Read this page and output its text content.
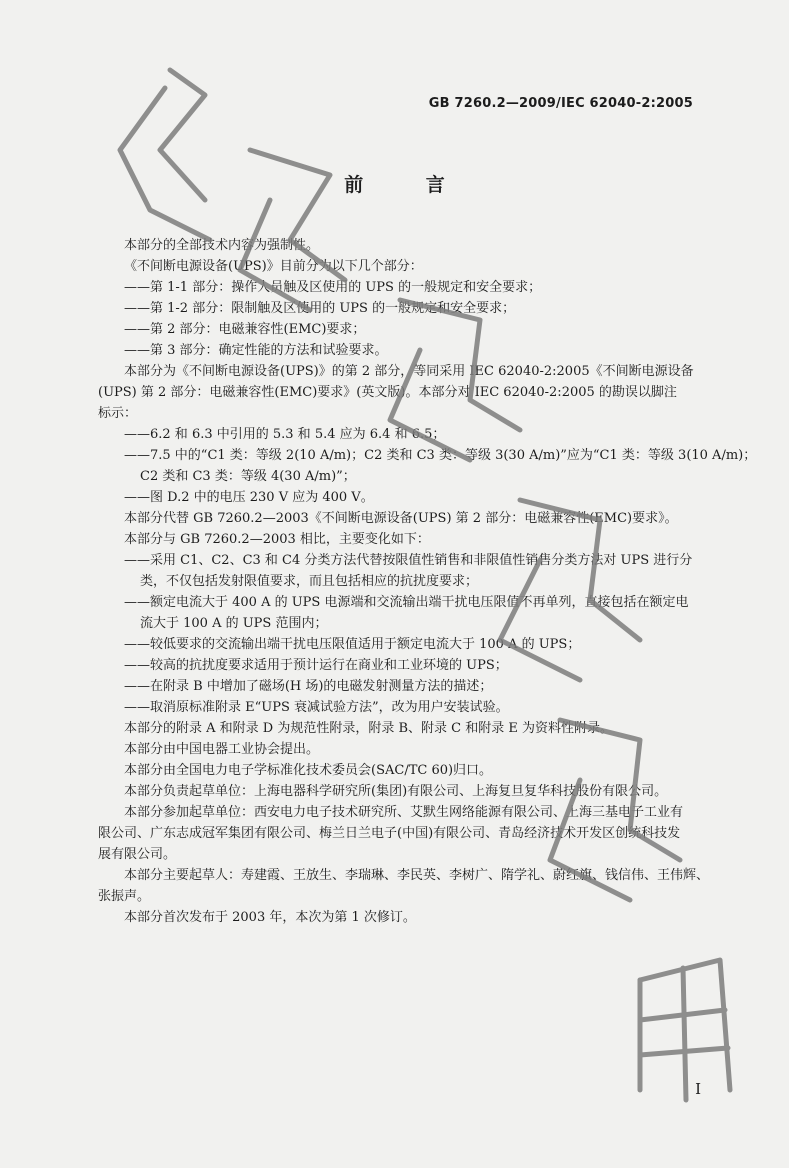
GB 7260.2—2009/IEC 62040-2:2005
前 言
本部分的全部技术内容为强制性。
《不间断电源设备(UPS)》目前分为以下几个部分：
——第 1-1 部分：操作人员触及区使用的 UPS 的一般规定和安全要求；
——第 1-2 部分：限制触及区使用的 UPS 的一般规定和安全要求；
——第 2 部分：电磁兼容性(EMC)要求；
——第 3 部分：确定性能的方法和试验要求。
本部分为《不间断电源设备(UPS)》的第 2 部分，等同采用 IEC 62040-2:2005《不间断电源设备
(UPS) 第 2 部分：电磁兼容性(EMC)要求》(英文版)。本部分对 IEC 62040-2:2005 的勘误以脚注
标示：
——6.2 和 6.3 中引用的 5.3 和 5.4 应为 6.4 和 6.5；
——7.5 中的“C1 类：等级 2(10 A/m)；C2 类和 C3 类：等级 3(30 A/m)”应为“C1 类：等级 3(10 A/m)；
C2 类和 C3 类：等级 4(30 A/m)”；
——图 D.2 中的电压 230 V 应为 400 V。
本部分代替 GB 7260.2—2003《不间断电源设备(UPS) 第 2 部分：电磁兼容性(EMC)要求》。
本部分与 GB 7260.2—2003 相比，主要变化如下：
——采用 C1、C2、C3 和 C4 分类方法代替按限值性销售和非限值性销售分类方法对 UPS 进行分
类，不仅包括发射限值要求，而且包括相应的抗扰度要求；
——额定电流大于 400 A 的 UPS 电源端和交流输出端干扰电压限值不再单列，直接包括在额定电
流大于 100 A 的 UPS 范围内；
——较低要求的交流输出端干扰电压限值适用于额定电流大于 100 A 的 UPS；
——较高的抗扰度要求适用于预计运行在商业和工业环境的 UPS；
——在附录 B 中增加了磁场(H 场)的电磁发射测量方法的描述；
——取消原标准附录 E“UPS 衰减试验方法”，改为用户安装试验。
本部分的附录 A 和附录 D 为规范性附录，附录 B、附录 C 和附录 E 为资料性附录。
本部分由中国电器工业协会提出。
本部分由全国电力电子学标准化技术委员会(SAC/TC 60)归口。
本部分负责起草单位：上海电器科学研究所(集团)有限公司、上海复旦复华科技股份有限公司。
本部分参加起草单位：西安电力电子技术研究所、艾默生网络能源有限公司、上海三基电子工业有
限公司、广东志成冠军集团有限公司、梅兰日兰电子(中国)有限公司、青岛经济技术开发区创统科技发
展有限公司。
本部分主要起草人：寿建霞、王放生、李瑞琳、李民英、李树广、隋学礼、蔚红旗、钱信伟、王伟辉、
张振声。
本部分首次发布于 2003 年，本次为第 1 次修订。
I
